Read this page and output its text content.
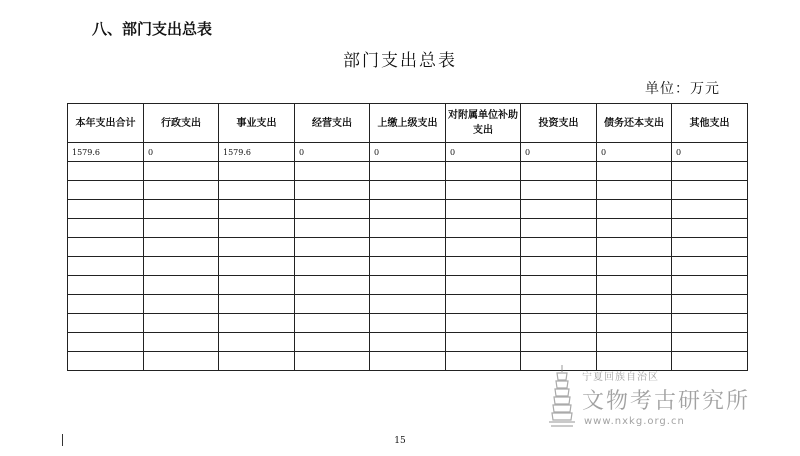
八、部门支出总表
部门支出总表
单位：万元
本年支出合计	行政支出	事业支出	经营支出	上缴上级支出	对附属单位补助支出	投资支出	债务还本支出	其他支出
1579.6	0	1579.6	0	0	0	0	0	0

宁夏回族自治区
文物考古研究所
www.nxkg.org.cn
15
